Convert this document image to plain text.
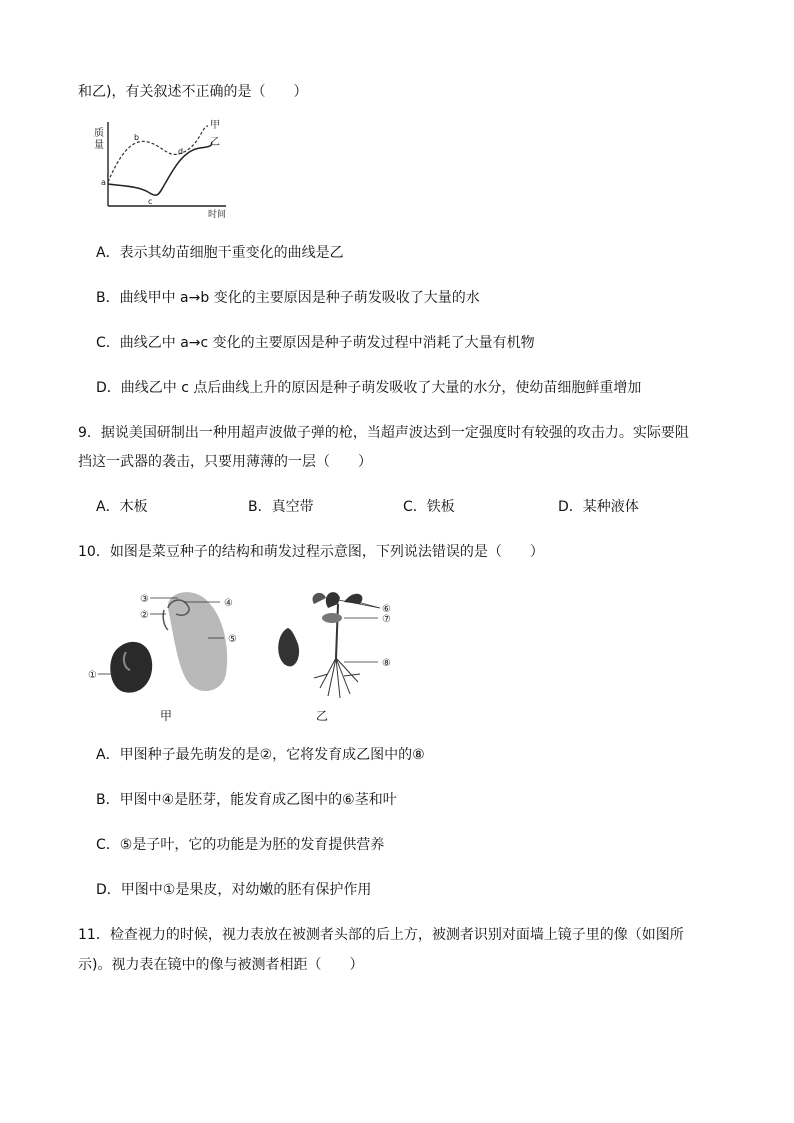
和乙)，有关叙述不正确的是（　　）
质
量
时间
a
b
c
d
甲
乙
A．表示其幼苗细胞干重变化的曲线是乙
B．曲线甲中 a→b 变化的主要原因是种子萌发吸收了大量的水
C．曲线乙中 a→c 变化的主要原因是种子萌发过程中消耗了大量有机物
D．曲线乙中 c 点后曲线上升的原因是种子萌发吸收了大量的水分，使幼苗细胞鲜重增加
9．据说美国研制出一种用超声波做子弹的枪，当超声波达到一定强度时有较强的攻击力。实际要阻
挡这一武器的袭击，只要用薄薄的一层（　　）
A．木板	B．真空带	C．铁板	D．某种液体
10．如图是菜豆种子的结构和萌发过程示意图，下列说法错误的是（　　）
①
②
③	④
⑤
甲
⑥
⑦
⑧
乙
A．甲图种子最先萌发的是②，它将发育成乙图中的⑧
B．甲图中④是胚芽，能发育成乙图中的⑥茎和叶
C．⑤是子叶，它的功能是为胚的发育提供营养
D．甲图中①是果皮，对幼嫩的胚有保护作用
11．检查视力的时候，视力表放在被测者头部的后上方，被测者识别对面墙上镜子里的像（如图所
示)。视力表在镜中的像与被测者相距（　　）
